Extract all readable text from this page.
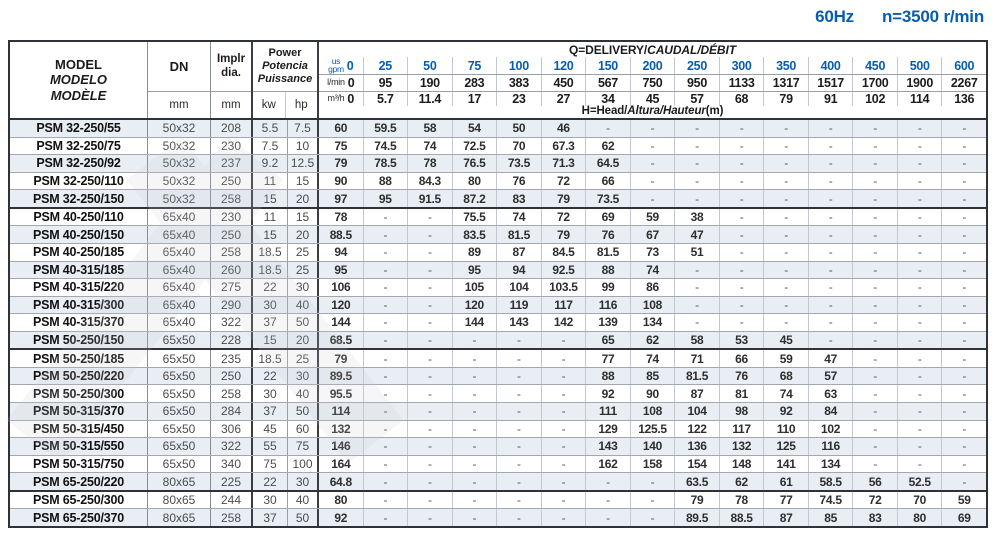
60Hz n=3500 r/min
MODEL
MODELO
MODÈLE
DN
mm
Implr
dia.
mm
Power
Potencia
Puissance
kw	hp
Q=DELIVERY/ CAUDAL/DÉBIT
us
gpm 0 25 50 75 100 120 150 200 250 300 350 400 450 500 600
l/min 0 95 190 283 383 450 567 750 950 1133 1317 1517 1700 1900 2267
m³/h 0 5.7 11.4 17 23 27 34 45 57 68 79 91 102 114 136
H=Head/ Altura/Hauteur (m)
PSM 32-250/55	50x32	208	5.5	7.5	60	59.5	58	54	50	46	-	-	-	-	-	-	-	-	-
PSM 32-250/75	50x32	230	7.5	10	75	74.5	74	72.5	70	67.3	62	-	-	-	-	-	-	-	-
PSM 32-250/92	50x32	237	9.2	12.5	79	78.5	78	76.5	73.5	71.3	64.5	-	-	-	-	-	-	-	-
PSM 32-250/110	50x32	250	11	15	90	88	84.3	80	76	72	66	-	-	-	-	-	-	-	-
PSM 32-250/150	50x32	258	15	20	97	95	91.5	87.2	83	79	73.5	-	-	-	-	-	-	-	-
PSM 40-250/110	65x40	230	11	15	78	-	-	75.5	74	72	69	59	38	-	-	-	-	-	-
PSM 40-250/150	65x40	250	15	20	88.5	-	-	83.5	81.5	79	76	67	47	-	-	-	-	-	-
PSM 40-250/185	65x40	258	18.5	25	94	-	-	89	87	84.5	81.5	73	51	-	-	-	-	-	-
PSM 40-315/185	65x40	260	18.5	25	95	-	-	95	94	92.5	88	74	-	-	-	-	-	-	-
PSM 40-315/220	65x40	275	22	30	106	-	-	105	104	103.5	99	86	-	-	-	-	-	-	-
PSM 40-315/300	65x40	290	30	40	120	-	-	120	119	117	116	108	-	-	-	-	-	-	-
PSM 40-315/370	65x40	322	37	50	144	-	-	144	143	142	139	134	-	-	-	-	-	-	-
PSM 50-250/150	65x50	228	15	20	68.5	-	-	-	-	-	65	62	58	53	45	-	-	-	-
PSM 50-250/185	65x50	235	18.5	25	79	-	-	-	-	-	77	74	71	66	59	47	-	-	-
PSM 50-250/220	65x50	250	22	30	89.5	-	-	-	-	-	88	85	81.5	76	68	57	-	-	-
PSM 50-250/300	65x50	258	30	40	95.5	-	-	-	-	-	92	90	87	81	74	63	-	-	-
PSM 50-315/370	65x50	284	37	50	114	-	-	-	-	-	111	108	104	98	92	84	-	-	-
PSM 50-315/450	65x50	306	45	60	132	-	-	-	-	-	129	125.5	122	117	110	102	-	-	-
PSM 50-315/550	65x50	322	55	75	146	-	-	-	-	-	143	140	136	132	125	116	-	-	-
PSM 50-315/750	65x50	340	75	100	164	-	-	-	-	-	162	158	154	148	141	134	-	-	-
PSM 65-250/220	80x65	225	22	30	64.8	-	-	-	-	-	-	-	63.5	62	61	58.5	56	52.5	-
PSM 65-250/300	80x65	244	30	40	80	-	-	-	-	-	-	-	79	78	77	74.5	72	70	59
PSM 65-250/370	80x65	258	37	50	92	-	-	-	-	-	-	-	89.5	88.5	87	85	83	80	69
